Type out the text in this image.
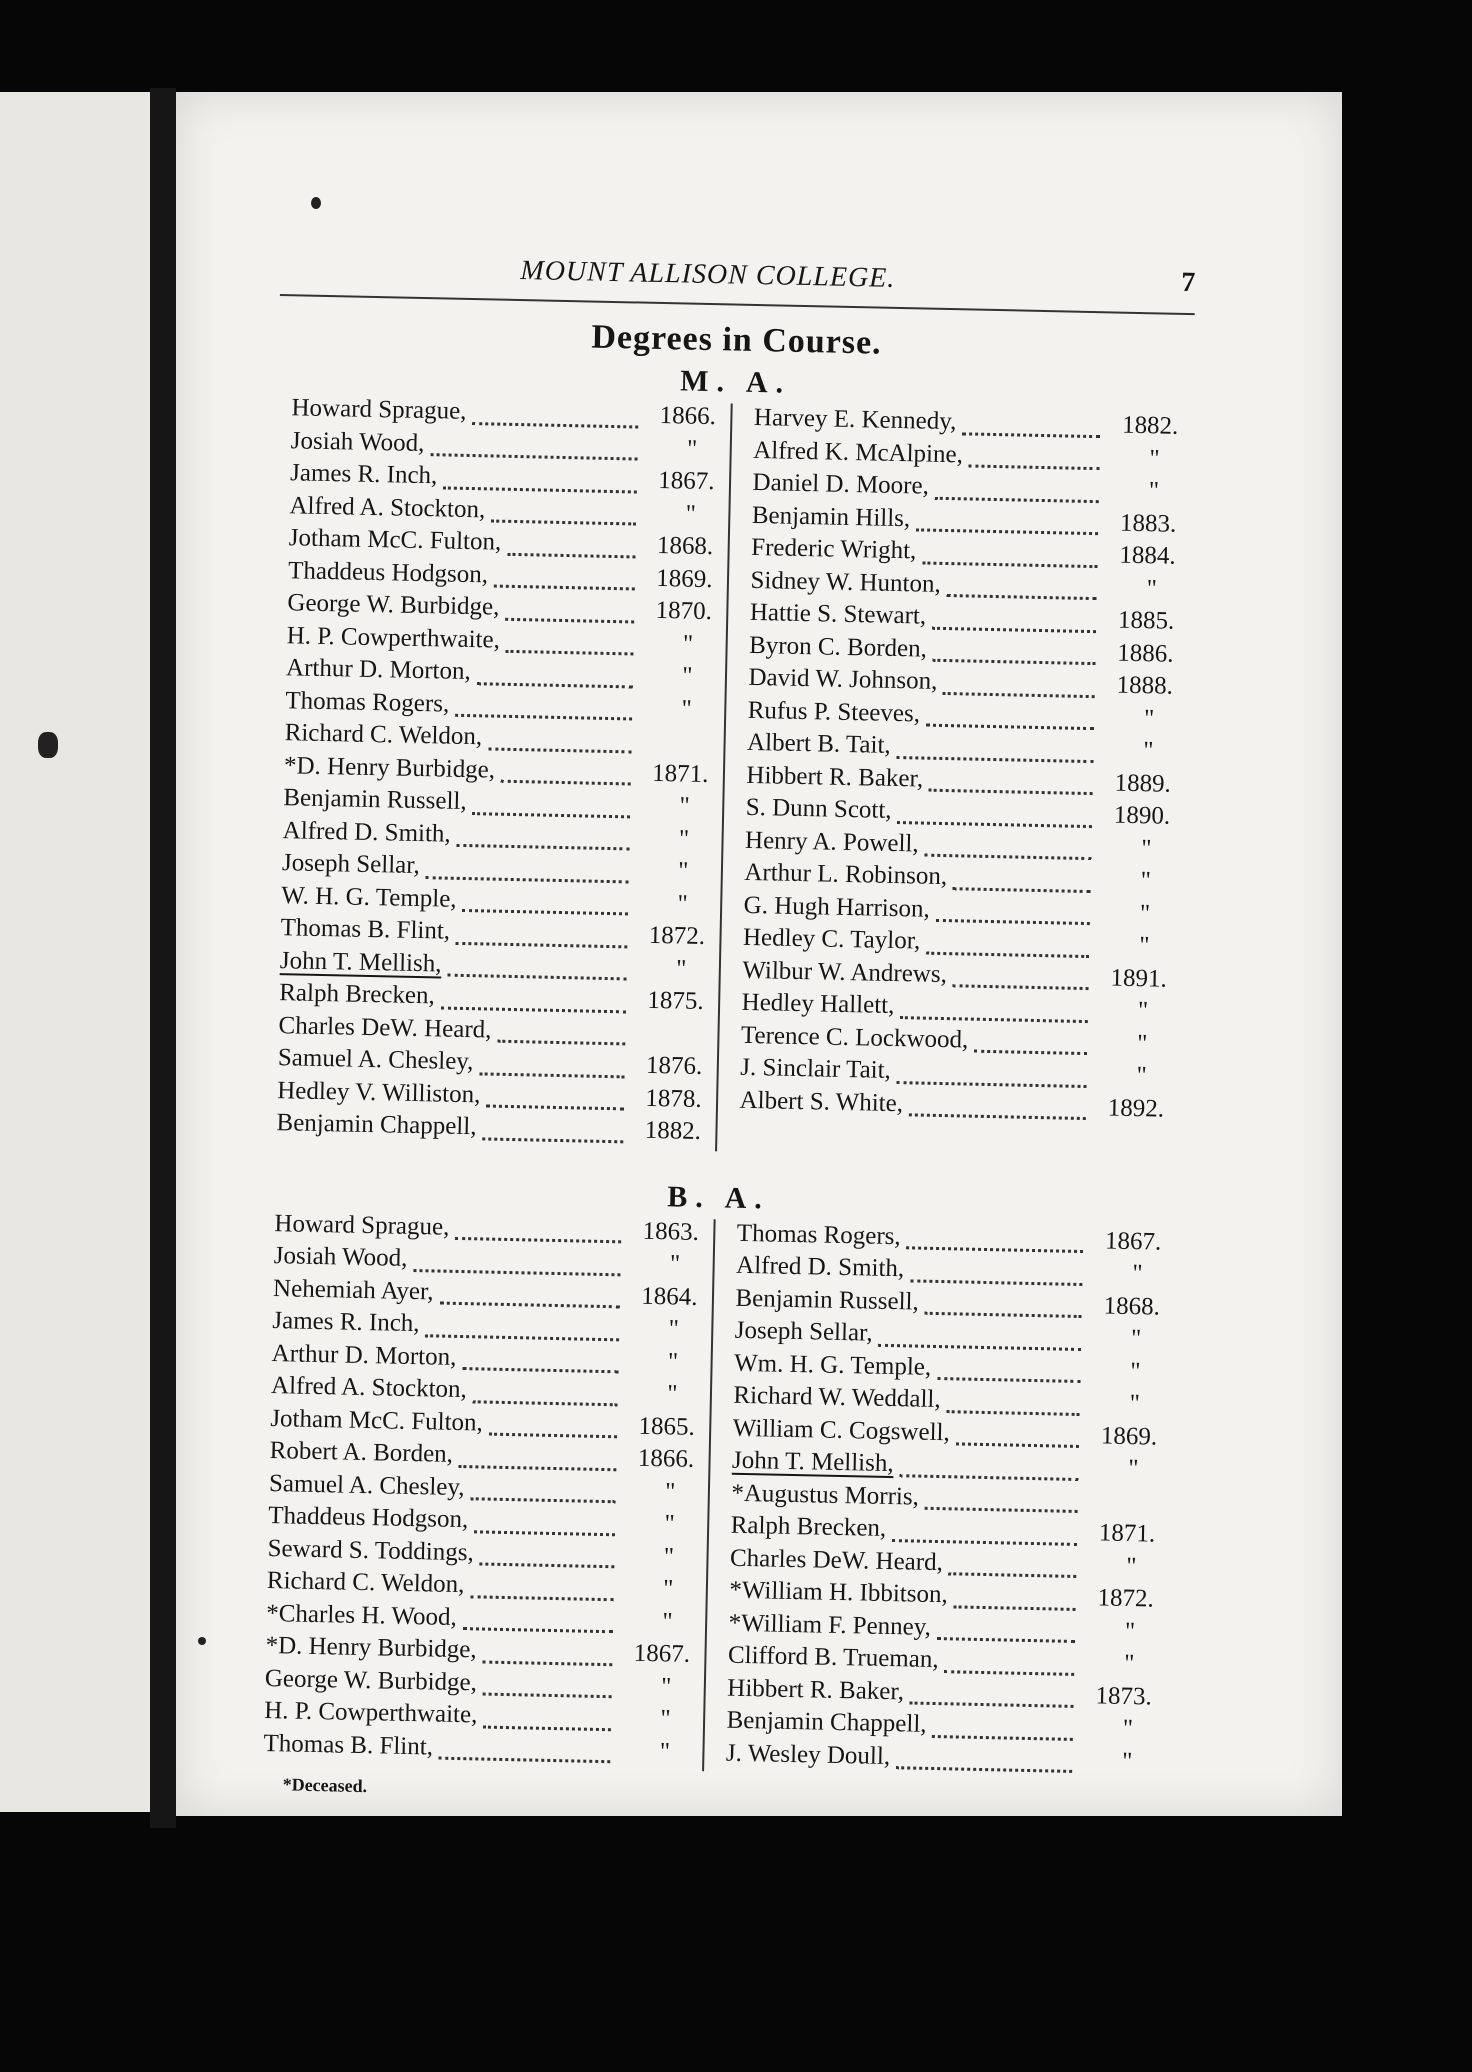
MOUNT ALLISON COLLEGE.	7
Degrees in Course.
M. A.
Howard Sprague,	1866.
Josiah Wood,	"
James R. Inch,	1867.
Alfred A. Stockton,	"
Jotham McC. Fulton,	1868.
Thaddeus Hodgson,	1869.
George W. Burbidge,	1870.
H. P. Cowperthwaite,	"
Arthur D. Morton,	"
Thomas Rogers,	"
Richard C. Weldon,
*D. Henry Burbidge,	1871.
Benjamin Russell,	"
Alfred D. Smith,	"
Joseph Sellar,	"
W. H. G. Temple,	"
Thomas B. Flint,	1872.
John T. Mellish,	"
Ralph Brecken,	1875.
Charles DeW. Heard,
Samuel A. Chesley,	1876.
Hedley V. Williston,	1878.
Benjamin Chappell,	1882.
Harvey E. Kennedy,	1882.
Alfred K. McAlpine,	"
Daniel D. Moore,	"
Benjamin Hills,	1883.
Frederic Wright,	1884.
Sidney W. Hunton,	"
Hattie S. Stewart,	1885.
Byron C. Borden,	1886.
David W. Johnson,	1888.
Rufus P. Steeves,	"
Albert B. Tait,	"
Hibbert R. Baker,	1889.
S. Dunn Scott,	1890.
Henry A. Powell,	"
Arthur L. Robinson,	"
G. Hugh Harrison,	"
Hedley C. Taylor,	"
Wilbur W. Andrews,	1891.
Hedley Hallett,	"
Terence C. Lockwood,	"
J. Sinclair Tait,	"
Albert S. White,	1892.
B. A.
Howard Sprague,	1863.
Josiah Wood,	"
Nehemiah Ayer,	1864.
James R. Inch,	"
Arthur D. Morton,	"
Alfred A. Stockton,	"
Jotham McC. Fulton,	1865.
Robert A. Borden,	1866.
Samuel A. Chesley,	"
Thaddeus Hodgson,	"
Seward S. Toddings,	"
Richard C. Weldon,	"
*Charles H. Wood,	"
*D. Henry Burbidge,	1867.
George W. Burbidge,	"
H. P. Cowperthwaite,	"
Thomas B. Flint,	"
Thomas Rogers,	1867.
Alfred D. Smith,	"
Benjamin Russell,	1868.
Joseph Sellar,	"
Wm. H. G. Temple,	"
Richard W. Weddall,	"
William C. Cogswell,	1869.
John T. Mellish,	"
*Augustus Morris,
Ralph Brecken,	1871.
Charles DeW. Heard,	"
*William H. Ibbitson,	1872.
*William F. Penney,	"
Clifford B. Trueman,	"
Hibbert R. Baker,	1873.
Benjamin Chappell,	"
J. Wesley Doull,	"
*Deceased.
